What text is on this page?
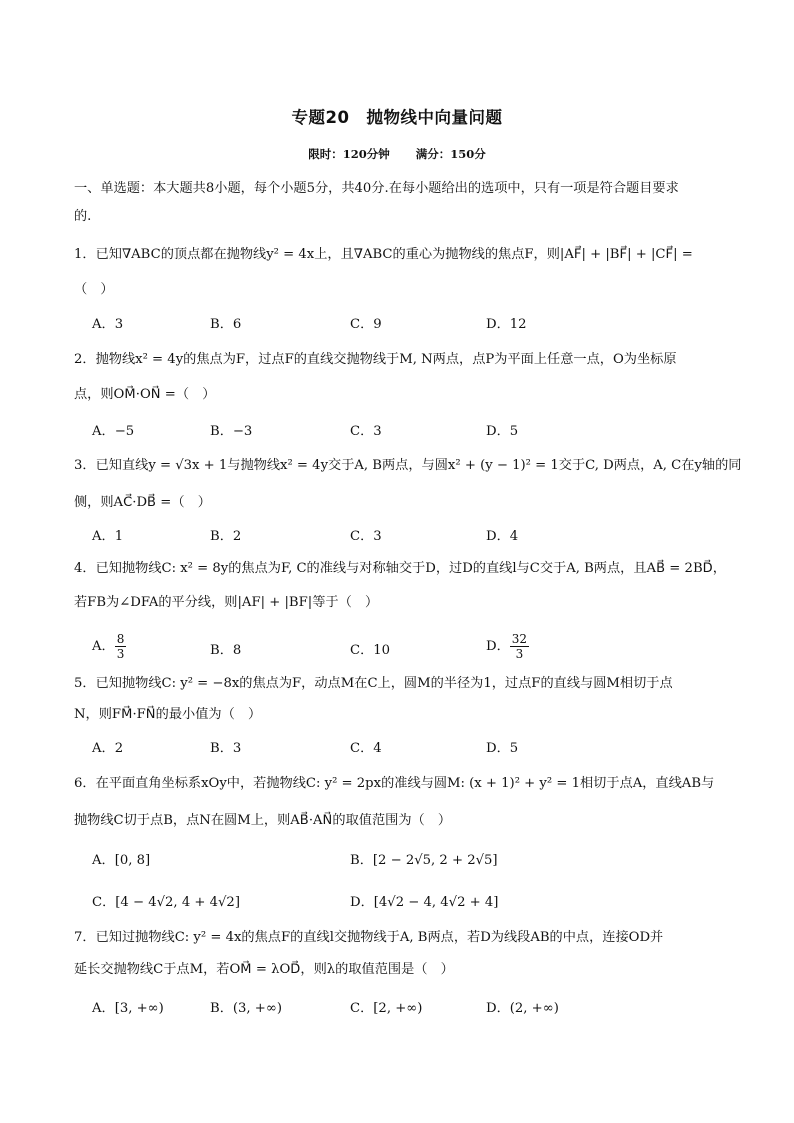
专题20　抛物线中向量问题
限时：120分钟 满分：150分
一、单选题：本大题共8小题，每个小题5分，共40分.在每小题给出的选项中，只有一项是符合题目要求
的.
1．已知∇ABC的顶点都在抛物线y² = 4x上，且∇ABC的重心为抛物线的焦点F，则|AF⃗| + |BF⃗| + |CF⃗| =
（　）
A．3	B．6	C．9	D．12
2．抛物线x² = 4y的焦点为F，过点F的直线交抛物线于M, N两点，点P为平面上任意一点，O为坐标原
点，则OM⃗·ON⃗ =（　）
A．−5	B．−3	C．3	D．5
3．已知直线y = √3x + 1与抛物线x² = 4y交于A, B两点，与圆x² + (y − 1)² = 1交于C, D两点，A, C在y轴的同
侧，则AC⃗·DB⃗ =（　）
A．1	B．2	C．3	D．4
4．已知抛物线C: x² = 8y的焦点为F, C的准线与对称轴交于D，过D的直线l与C交于A, B两点，且AB⃗ = 2BD⃗，
若FB为∠DFA的平分线，则|AF| + |BF|等于（　）
A． $\frac{8}{3}$	B．8	C．10	D． $\frac{32}{3}$
5．已知抛物线C: y² = −8x的焦点为F，动点M在C上，圆M的半径为1，过点F的直线与圆M相切于点
N，则FM⃗·FN⃗的最小值为（　）
A．2	B．3	C．4	D．5
6．在平面直角坐标系xOy中，若抛物线C: y² = 2px的准线与圆M: (x + 1)² + y² = 1相切于点A，直线AB与
抛物线C切于点B，点N在圆M上，则AB⃗·AN⃗的取值范围为（　）
A．[0, 8]	B．[2 − 2√5, 2 + 2√5]
C．[4 − 4√2, 4 + 4√2]	D．[4√2 − 4, 4√2 + 4]
7．已知过抛物线C: y² = 4x的焦点F的直线l交抛物线于A, B两点，若D为线段AB的中点，连接OD并
延长交抛物线C于点M，若OM⃗ = λOD⃗，则λ的取值范围是（　）
A．[3, +∞)	B．(3, +∞)	C．[2, +∞)	D．(2, +∞)
